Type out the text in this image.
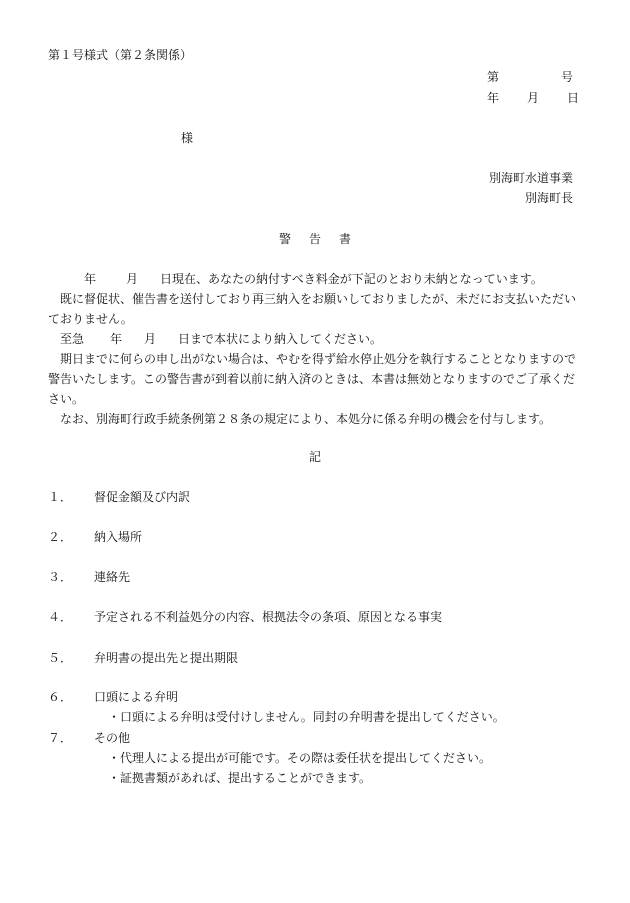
第１号様式（第２条関係）
第	号
年 月 日
様
別海町水道事業
別海町長
警告書

年	月 日現在、あなたの納付すべき料金が下記のとおり未納となっています。

既に督促状、催告書を送付しており再三納入をお願いしておりましたが、未だにお支払いただいておりません。

至急 年 月 日まで本状により納入してください。

期日までに何らの申し出がない場合は、やむを得ず給水停止処分を執行することとなりますので警告いたします。この警告書が到着以前に納入済のときは、本書は無効となりますのでご了承ください。

なお、別海町行政手続条例第２８条の規定により、本処分に係る弁明の機会を付与します。

記
１． 督促金額及び内訳
２． 納入場所
３． 連絡先
４． 予定される不利益処分の内容、根拠法令の条項、原因となる事実
５． 弁明書の提出先と提出期限
６． 口頭による弁明
・口頭による弁明は受付けしません。同封の弁明書を提出してください。
７． その他
・代理人による提出が可能です。その際は委任状を提出してください。
・証拠書類があれば、提出することができます。
